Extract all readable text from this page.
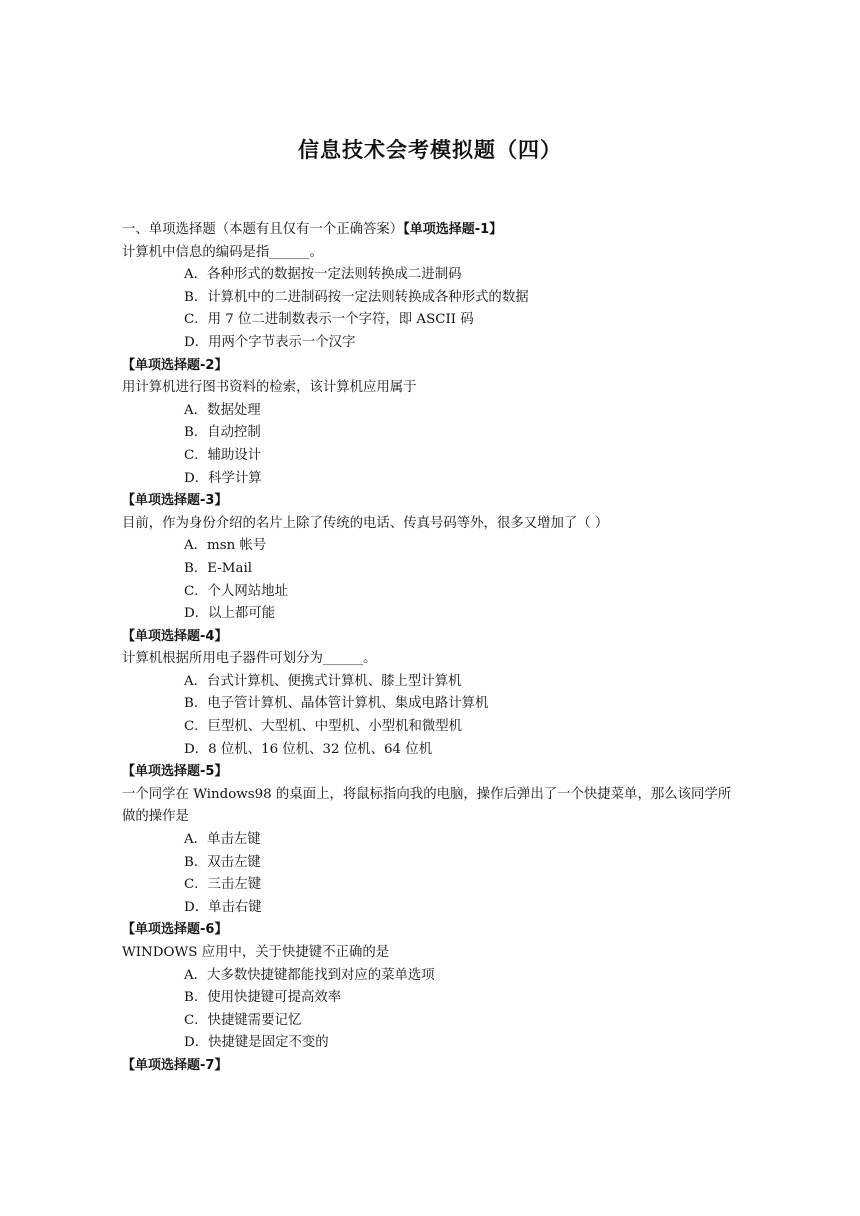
信息技术会考模拟题（四）
一、单项选择题（本题有且仅有一个正确答案）【单项选择题-1】
计算机中信息的编码是指______。
A．各种形式的数据按一定法则转换成二进制码
B．计算机中的二进制码按一定法则转换成各种形式的数据
C．用 7 位二进制数表示一个字符，即 ASCII 码
D．用两个字节表示一个汉字
【单项选择题-2】
用计算机进行图书资料的检索，该计算机应用属于
A．数据处理
B．自动控制
C．辅助设计
D．科学计算
【单项选择题-3】
目前，作为身份介绍的名片上除了传统的电话、传真号码等外，很多又增加了（ ）
A．msn 帐号
B．E-Mail
C．个人网站地址
D．以上都可能
【单项选择题-4】
计算机根据所用电子器件可划分为______。
A．台式计算机、便携式计算机、膝上型计算机
B．电子管计算机、晶体管计算机、集成电路计算机
C．巨型机、大型机、中型机、小型机和微型机
D．8 位机、16 位机、32 位机、64 位机
【单项选择题-5】
一个同学在 Windows98 的桌面上，将鼠标指向我的电脑，操作后弹出了一个快捷菜单，那么该同学所做的操作是
A．单击左键
B．双击左键
C．三击左键
D．单击右键
【单项选择题-6】
WINDOWS 应用中，关于快捷键不正确的是
A．大多数快捷键都能找到对应的菜单选项
B．使用快捷键可提高效率
C．快捷键需要记忆
D．快捷键是固定不变的
【单项选择题-7】
